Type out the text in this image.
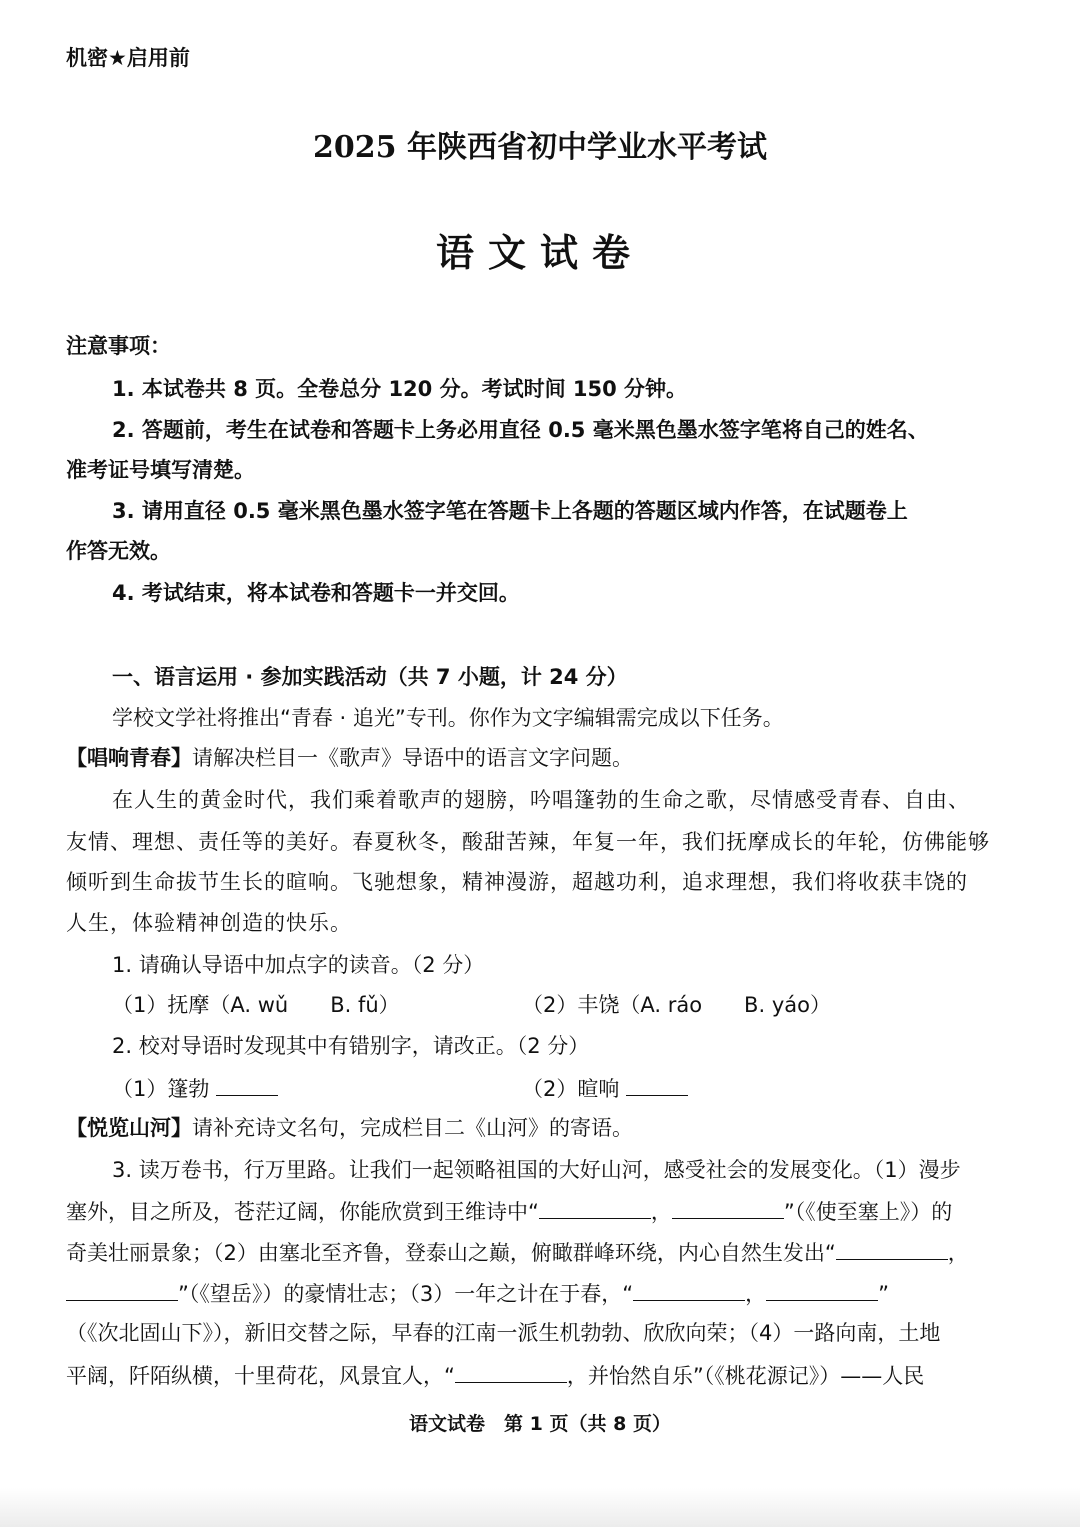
机密★启用前
2025 年陕西省初中学业水平考试
语文试卷
注意事项：
1. 本试卷共 8 页。全卷总分 120 分。考试时间 150 分钟。
2. 答题前，考生在试卷和答题卡上务必用直径 0.5 毫米黑色墨水签字笔将自己的姓名、
准考证号填写清楚。
3. 请用直径 0.5 毫米黑色墨水签字笔在答题卡上各题的答题区域内作答，在试题卷上
作答无效。
4. 考试结束，将本试卷和答题卡一并交回。
一、语言运用 · 参加实践活动（共 7 小题，计 24 分）
学校文学社将推出“青春 · 追光”专刊。你作为文字编辑需完成以下任务。
【唱响青春】请解决栏目一《歌声》导语中的语言文字问题。
在人生的黄金时代，我们乘着歌声的翅膀，吟唱篷勃的生命之歌，尽情感受青春、自由、
友情、理想、责任等的美好。春夏秋冬，酸甜苦辣，年复一年，我们抚摩成长的年轮，仿佛能够
倾听到生命拔节生长的暄响。飞驰想象，精神漫游，超越功利，追求理想，我们将收获丰饶的
人生，体验精神创造的快乐。
1. 请确认导语中加点字的读音。（2 分）
（1）抚摩（A. wǔ　　B. fǔ）	（2）丰饶（A. ráo　　B. yáo）
2. 校对导语时发现其中有错别字，请改正。（2 分）
（1）篷勃	（2）暄响
【悦览山河】请补充诗文名句，完成栏目二《山河》的寄语。
3. 读万卷书，行万里路。让我们一起领略祖国的大好山河，感受社会的发展变化。（1）漫步
塞外，目之所及，苍茫辽阔，你能欣赏到王维诗中“	，	”（《使至塞上》）的
奇美壮丽景象；（2）由塞北至齐鲁，登泰山之巅，俯瞰群峰环绕，内心自然生发出“	，
”（《望岳》）的豪情壮志；（3）一年之计在于春，“	，	”
（《次北固山下》），新旧交替之际，早春的江南一派生机勃勃、欣欣向荣；（4）一路向南，土地
平阔，阡陌纵横，十里荷花，风景宜人，“	，并怡然自乐”（《桃花源记》）——人民
语文试卷　第 1 页（共 8 页）
